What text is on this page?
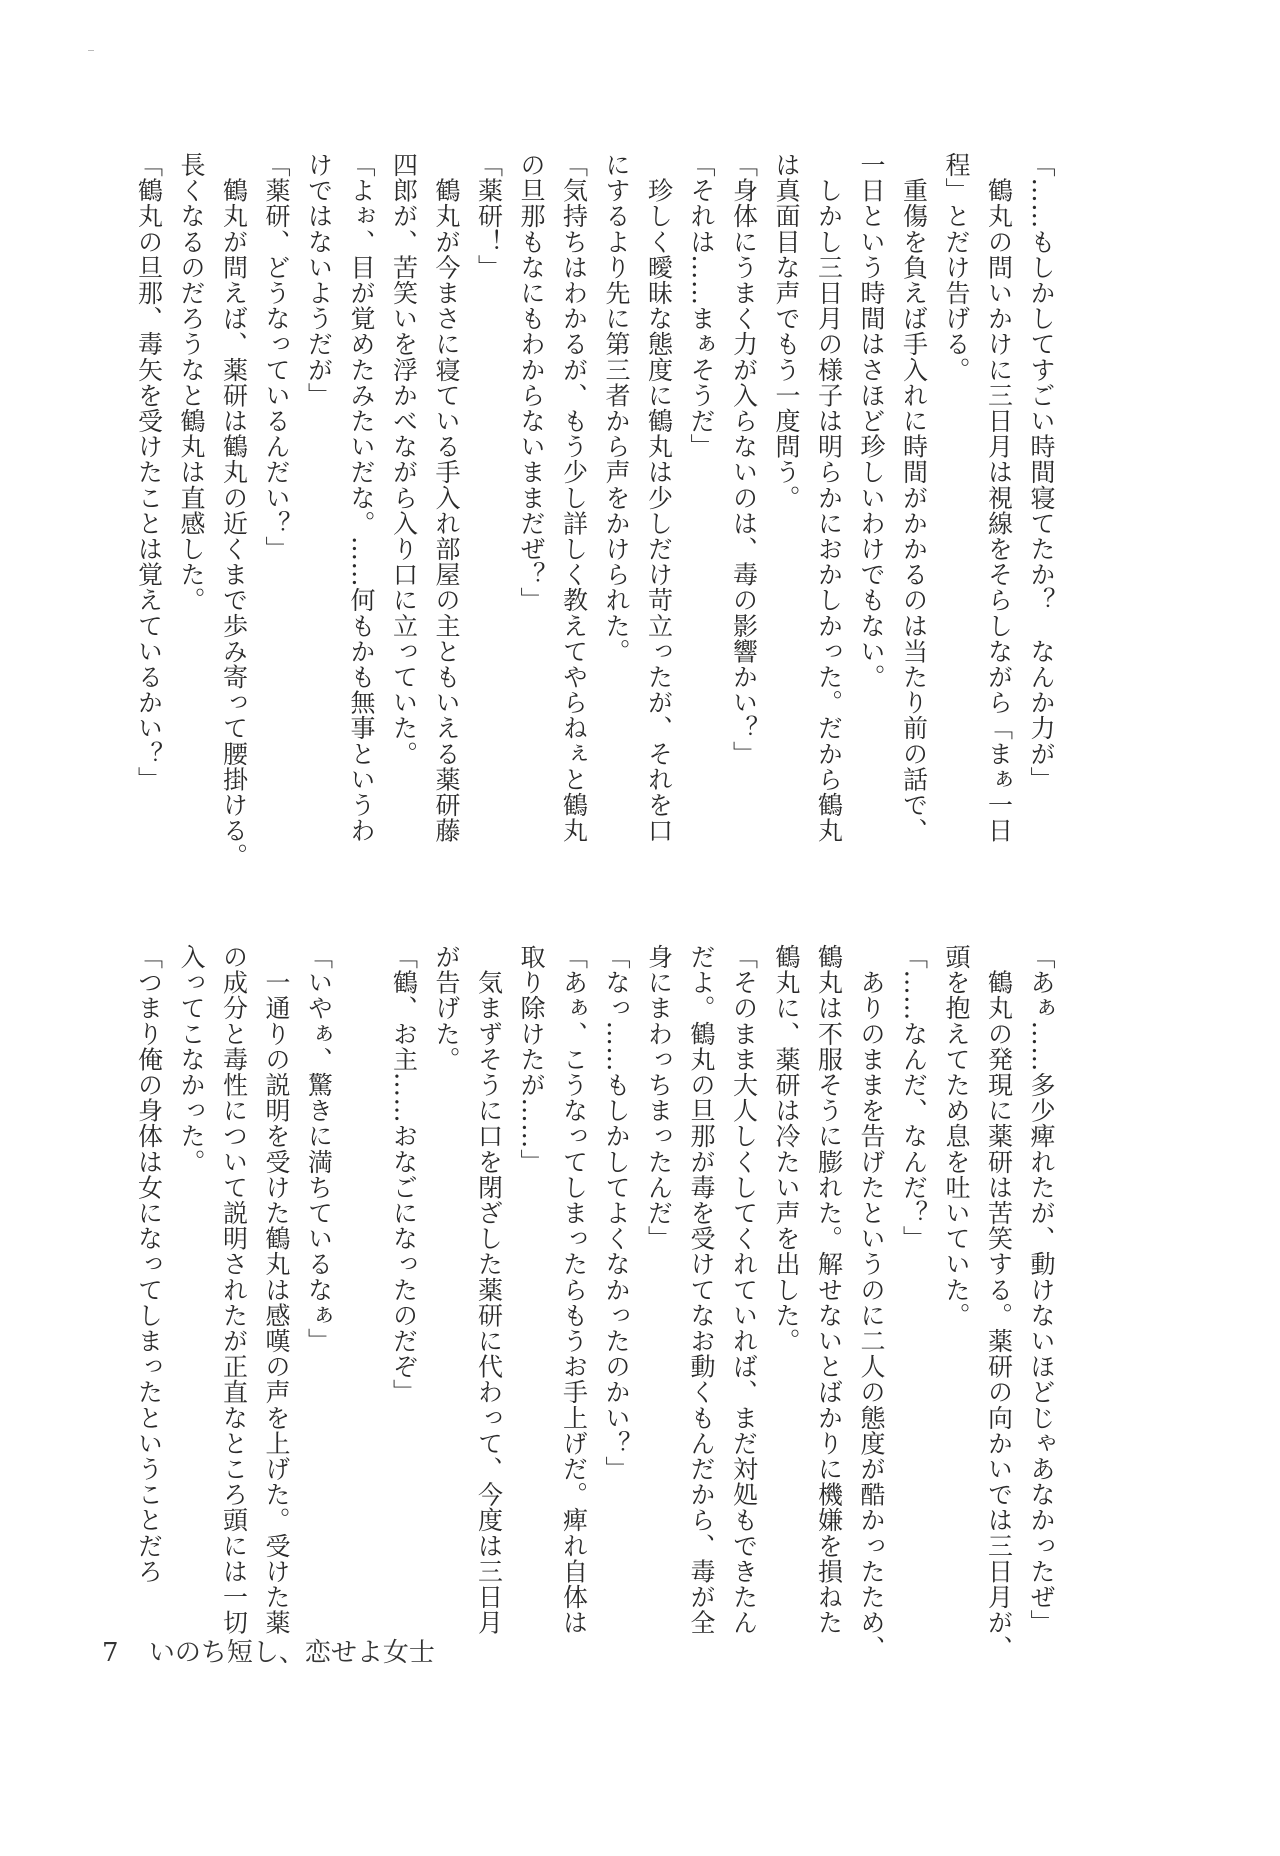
「……もしかしてすごい時間寝てたか？　なんか力が」
　鶴丸の問いかけに三日月は視線をそらしながら「まぁ一日
程」とだけ告げる。
　重傷を負えば手入れに時間がかかるのは当たり前の話で、
一日という時間はさほど珍しいわけでもない。
　しかし三日月の様子は明らかにおかしかった。だから鶴丸
は真面目な声でもう一度問う。
「身体にうまく力が入らないのは、毒の影響かい？」
「それは……まぁそうだ」
　珍しく曖昧な態度に鶴丸は少しだけ苛立ったが、それを口
にするより先に第三者から声をかけられた。
「気持ちはわかるが、もう少し詳しく教えてやらねぇと鶴丸
の旦那もなにもわからないままだぜ？」
「薬研！」
　鶴丸が今まさに寝ている手入れ部屋の主ともいえる薬研藤
四郎が、苦笑いを浮かべながら入り口に立っていた。
「よぉ、目が覚めたみたいだな。……何もかも無事というわ
けではないようだが」
「薬研、どうなっているんだい？」
　鶴丸が問えば、薬研は鶴丸の近くまで歩み寄って腰掛ける。
長くなるのだろうなと鶴丸は直感した。
「鶴丸の旦那、毒矢を受けたことは覚えているかい？」
「あぁ……多少痺れたが、動けないほどじゃあなかったぜ」
　鶴丸の発現に薬研は苦笑する。薬研の向かいでは三日月が、
頭を抱えてため息を吐いていた。
「……なんだ、なんだ？」
　ありのままを告げたというのに二人の態度が酷かったため、
鶴丸は不服そうに膨れた。解せないとばかりに機嫌を損ねた
鶴丸に、薬研は冷たい声を出した。
「そのまま大人しくしてくれていれば、まだ対処もできたん
だよ。鶴丸の旦那が毒を受けてなお動くもんだから、毒が全
身にまわっちまったんだ」
「なっ……もしかしてよくなかったのかい？」
「あぁ、こうなってしまったらもうお手上げだ。痺れ自体は
取り除けたが……」
　気まずそうに口を閉ざした薬研に代わって、今度は三日月
が告げた。
「鶴、お主……おなごになったのだぞ」
「いやぁ、驚きに満ちているなぁ」
　一通りの説明を受けた鶴丸は感嘆の声を上げた。受けた薬
の成分と毒性について説明されたが正直なところ頭には一切
入ってこなかった。
「つまり俺の身体は女になってしまったということだろ
7 いのち短し、恋せよ女士
